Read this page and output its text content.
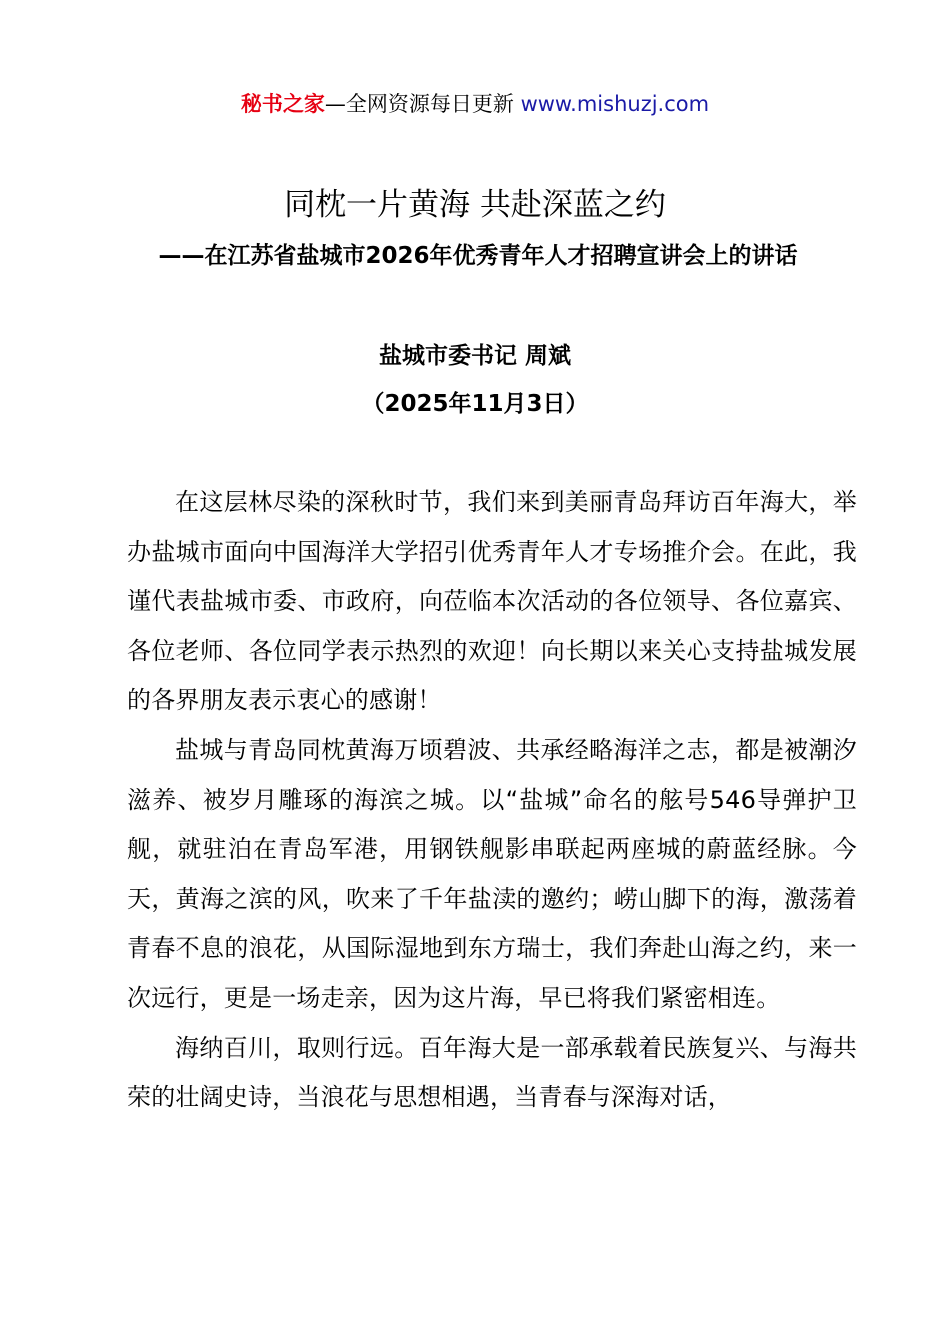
秘书之家—全网资源每日更新 www.mishuzj.com
同枕一片黄海 共赴深蓝之约
——在江苏省盐城市2026年优秀青年人才招聘宣讲会上的讲话
盐城市委书记 周斌
（2025年11月3日）

在这层林尽染的深秋时节，我们来到美丽青岛拜访百年海大，举办盐城市面向中国海洋大学招引优秀青年人才专场推介会。在此，我谨代表盐城市委、市政府，向莅临本次活动的各位领导、各位嘉宾、各位老师、各位同学表示热烈的欢迎！向长期以来关心支持盐城发展的各界朋友表示衷心的感谢！

盐城与青岛同枕黄海万顷碧波、共承经略海洋之志，都是被潮汐滋养、被岁月雕琢的海滨之城。以“盐城”命名的舷号546导弹护卫舰，就驻泊在青岛军港，用钢铁舰影串联起两座城的蔚蓝经脉。今天，黄海之滨的风，吹来了千年盐渎的邀约；崂山脚下的海，激荡着青春不息的浪花，从国际湿地到东方瑞士，我们奔赴山海之约，来一次远行，更是一场走亲，因为这片海，早已将我们紧密相连。

海纳百川，取则行远。百年海大是一部承载着民族复兴、与海共荣的壮阔史诗，当浪花与思想相遇，当青春与深海对话，
